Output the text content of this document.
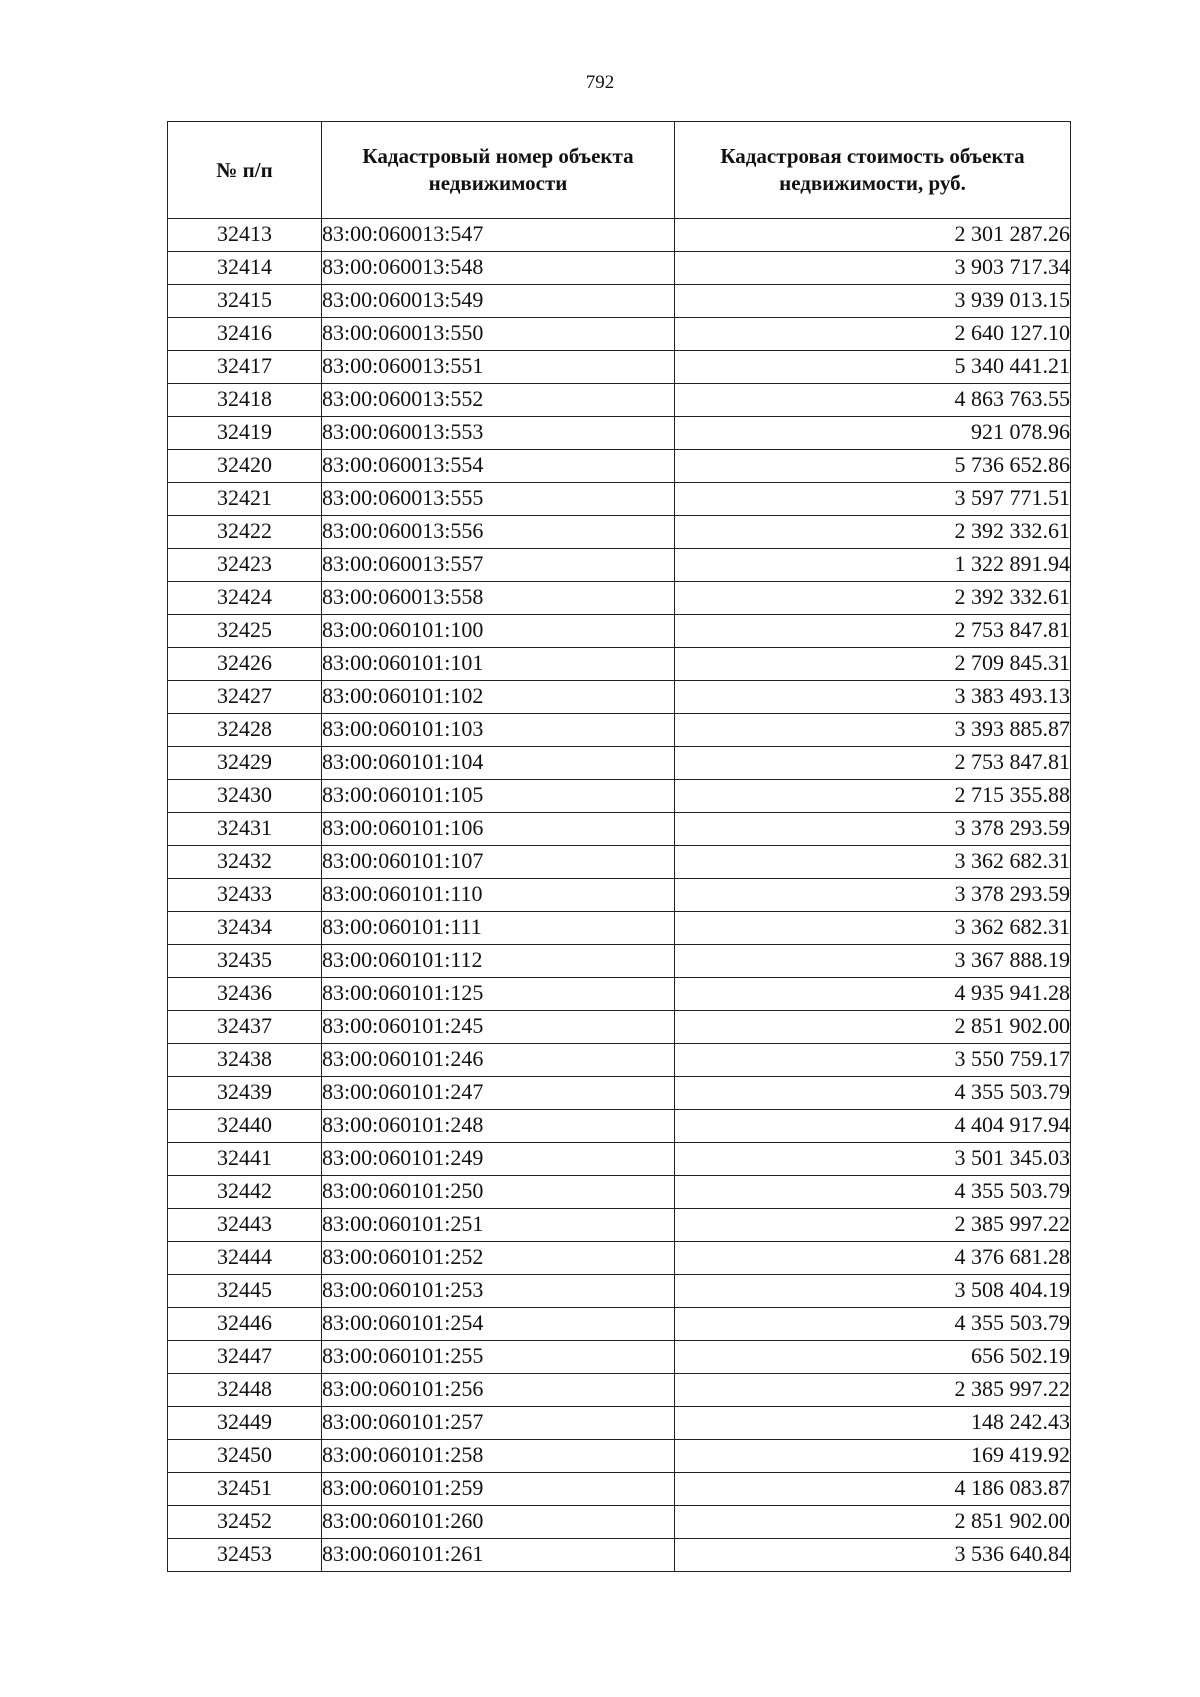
792
№ п/п	Кадастровый номер объекта недвижимости	Кадастровая стоимость объекта недвижимости, руб.
32413	83:00:060013:547	2 301 287.26
32414	83:00:060013:548	3 903 717.34
32415	83:00:060013:549	3 939 013.15
32416	83:00:060013:550	2 640 127.10
32417	83:00:060013:551	5 340 441.21
32418	83:00:060013:552	4 863 763.55
32419	83:00:060013:553	921 078.96
32420	83:00:060013:554	5 736 652.86
32421	83:00:060013:555	3 597 771.51
32422	83:00:060013:556	2 392 332.61
32423	83:00:060013:557	1 322 891.94
32424	83:00:060013:558	2 392 332.61
32425	83:00:060101:100	2 753 847.81
32426	83:00:060101:101	2 709 845.31
32427	83:00:060101:102	3 383 493.13
32428	83:00:060101:103	3 393 885.87
32429	83:00:060101:104	2 753 847.81
32430	83:00:060101:105	2 715 355.88
32431	83:00:060101:106	3 378 293.59
32432	83:00:060101:107	3 362 682.31
32433	83:00:060101:110	3 378 293.59
32434	83:00:060101:111	3 362 682.31
32435	83:00:060101:112	3 367 888.19
32436	83:00:060101:125	4 935 941.28
32437	83:00:060101:245	2 851 902.00
32438	83:00:060101:246	3 550 759.17
32439	83:00:060101:247	4 355 503.79
32440	83:00:060101:248	4 404 917.94
32441	83:00:060101:249	3 501 345.03
32442	83:00:060101:250	4 355 503.79
32443	83:00:060101:251	2 385 997.22
32444	83:00:060101:252	4 376 681.28
32445	83:00:060101:253	3 508 404.19
32446	83:00:060101:254	4 355 503.79
32447	83:00:060101:255	656 502.19
32448	83:00:060101:256	2 385 997.22
32449	83:00:060101:257	148 242.43
32450	83:00:060101:258	169 419.92
32451	83:00:060101:259	4 186 083.87
32452	83:00:060101:260	2 851 902.00
32453	83:00:060101:261	3 536 640.84
